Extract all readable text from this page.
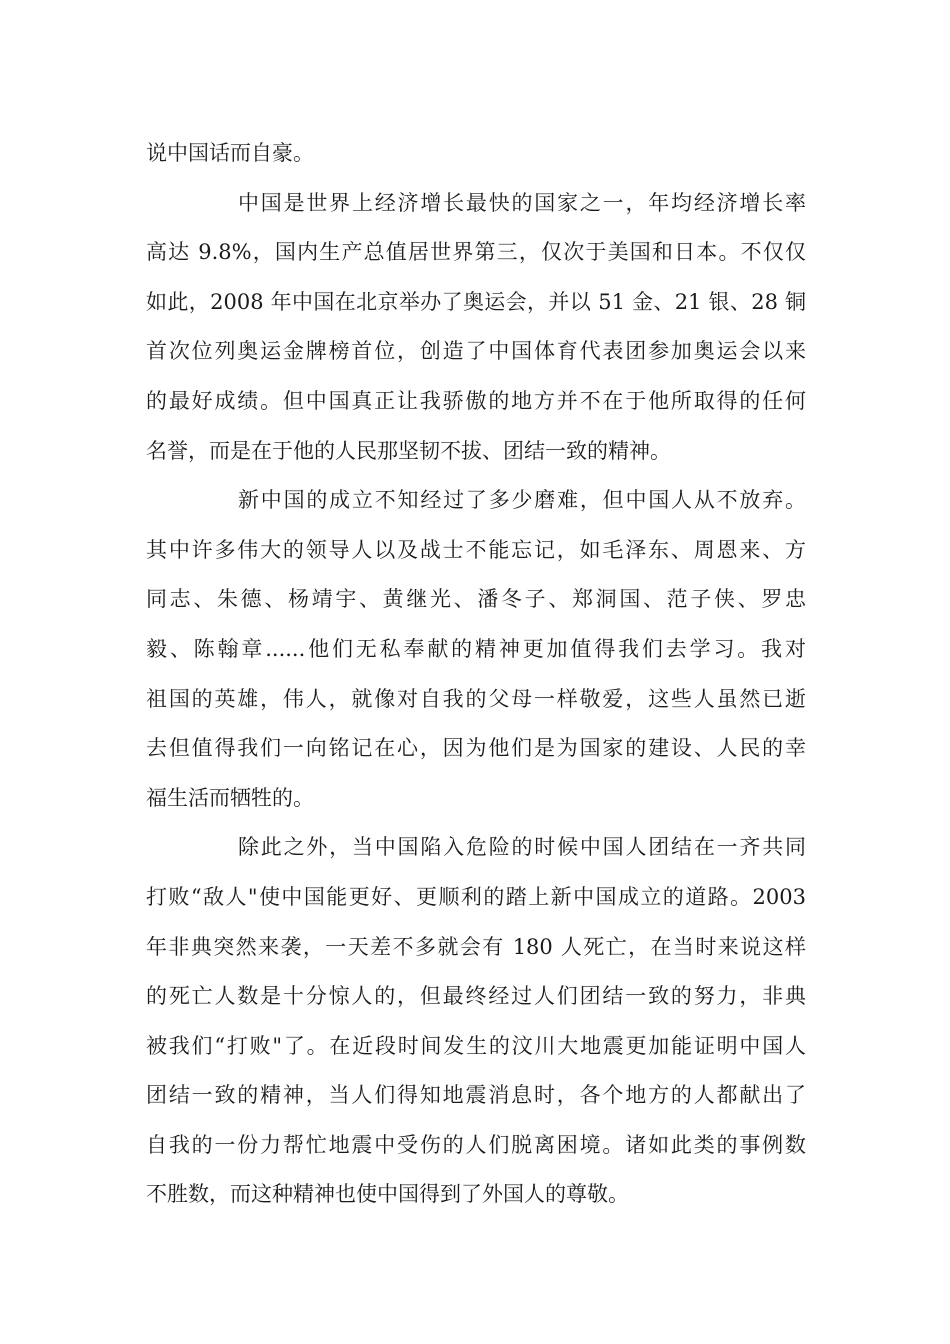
说中国话而自豪。
中国是世界上经济增长最快的国家之一，年均经济增长率
高达 9.8%，国内生产总值居世界第三，仅次于美国和日本。不仅仅
如此，2008 年中国在北京举办了奥运会，并以 51 金、21 银、28 铜
首次位列奥运金牌榜首位，创造了中国体育代表团参加奥运会以来
的最好成绩。但中国真正让我骄傲的地方并不在于他所取得的任何
名誉，而是在于他的人民那坚韧不拔、团结一致的精神。
新中国的成立不知经过了多少磨难，但中国人从不放弃。
其中许多伟大的领导人以及战士不能忘记，如毛泽东、周恩来、方
同志、朱德、杨靖宇、黄继光、潘冬子、郑洞国、范子侠、罗忠
毅、陈翰章......他们无私奉献的精神更加值得我们去学习。我对
祖国的英雄，伟人，就像对自我的父母一样敬爱，这些人虽然已逝
去但值得我们一向铭记在心，因为他们是为国家的建设、人民的幸
福生活而牺牲的。
除此之外，当中国陷入危险的时候中国人团结在一齐共同
打败“敌人"使中国能更好、更顺利的踏上新中国成立的道路。2003
年非典突然来袭，一天差不多就会有 180 人死亡，在当时来说这样
的死亡人数是十分惊人的，但最终经过人们团结一致的努力，非典
被我们“打败"了。在近段时间发生的汶川大地震更加能证明中国人
团结一致的精神，当人们得知地震消息时，各个地方的人都献出了
自我的一份力帮忙地震中受伤的人们脱离困境。诸如此类的事例数
不胜数，而这种精神也使中国得到了外国人的尊敬。
